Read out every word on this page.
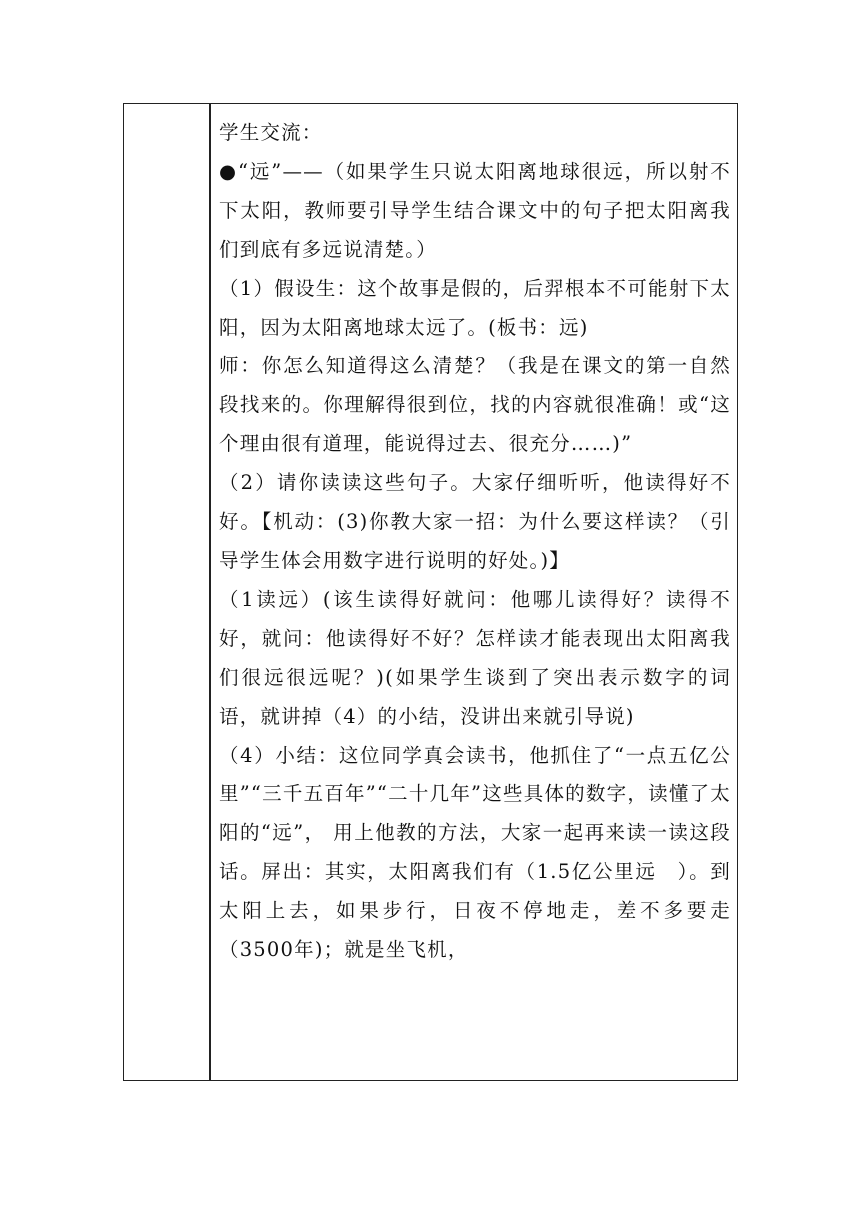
学生交流：

●“远”——（如果学生只说太阳离地球很远，所以射不下太阳，教师要引导学生结合课文中的句子把太阳离我们到底有多远说清楚。）

（1）假设生：这个故事是假的，后羿根本不可能射下太阳，因为太阳离地球太远了。(板书：远)

师：你怎么知道得这么清楚？（我是在课文的第一自然段找来的。你理解得很到位，找的内容就很准确！或“这个理由很有道理，能说得过去、很充分……)”

（2）请你读读这些句子。大家仔细听听，他读得好不好。【机动：(3)你教大家一招：为什么要这样读？（引导学生体会用数字进行说明的好处。)】

（1读远）(该生读得好就问：他哪儿读得好？读得不好，就问：他读得好不好？怎样读才能表现出太阳离我们很远很远呢？)(如果学生谈到了突出表示数字的词语，就讲掉（4）的小结，没讲出来就引导说)

（4）小结：这位同学真会读书，他抓住了“一点五亿公里”“三千五百年”“二十几年”这些具体的数字，读懂了太阳的“远”， 用上他教的方法，大家一起再来读一读这段话。屏出：其实，太阳离我们有（1.5亿公里远　）。到太阳上去，如果步行，日夜不停地走，差不多要走（3500年)；就是坐飞机，
